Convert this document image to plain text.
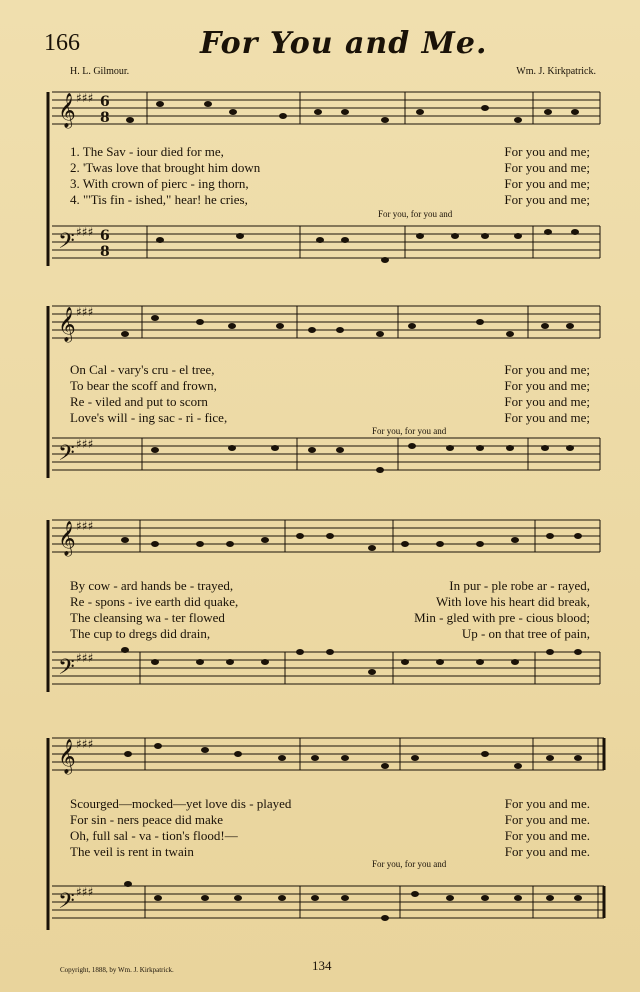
166	For You and Me.
H. L. Gilmour.	Wm. J. Kirkpatrick.
𝄞
𝄢
6
8
6
8
♯♯♯
♯♯♯
1. The Sav - iour died for me,	For you and me;
2. 'Twas love that brought him down	For you and me;
3. With crown of pierc - ing thorn,	For you and me;
4. "'Tis fin - ished," hear! he cries,	For you and me;
For you, for you and
𝄞
𝄢
♯♯♯
♯♯♯
On Cal - vary's cru - el tree,	For you and me;
To bear the scoff and frown,	For you and me;
Re - viled and put to scorn	For you and me;
Love's will - ing sac - ri - fice,	For you and me;
For you, for you and
𝄞
𝄢
♯♯♯
♯♯♯
By cow - ard hands be - trayed,	In pur - ple robe ar - rayed,
Re - spons - ive earth did quake,	With love his heart did break,
The cleansing wa - ter flowed	Min - gled with pre - cious blood;
The cup to dregs did drain,	Up - on that tree of pain,
𝄞
𝄢
♯♯♯
♯♯♯
Scourged—mocked—yet love dis - played	For you and me.
For sin - ners peace did make	For you and me.
Oh, full sal - va - tion's flood!—	For you and me.
The veil is rent in twain	For you and me.
For you, for you and
Copyright, 1888, by Wm. J. Kirkpatrick.	134
